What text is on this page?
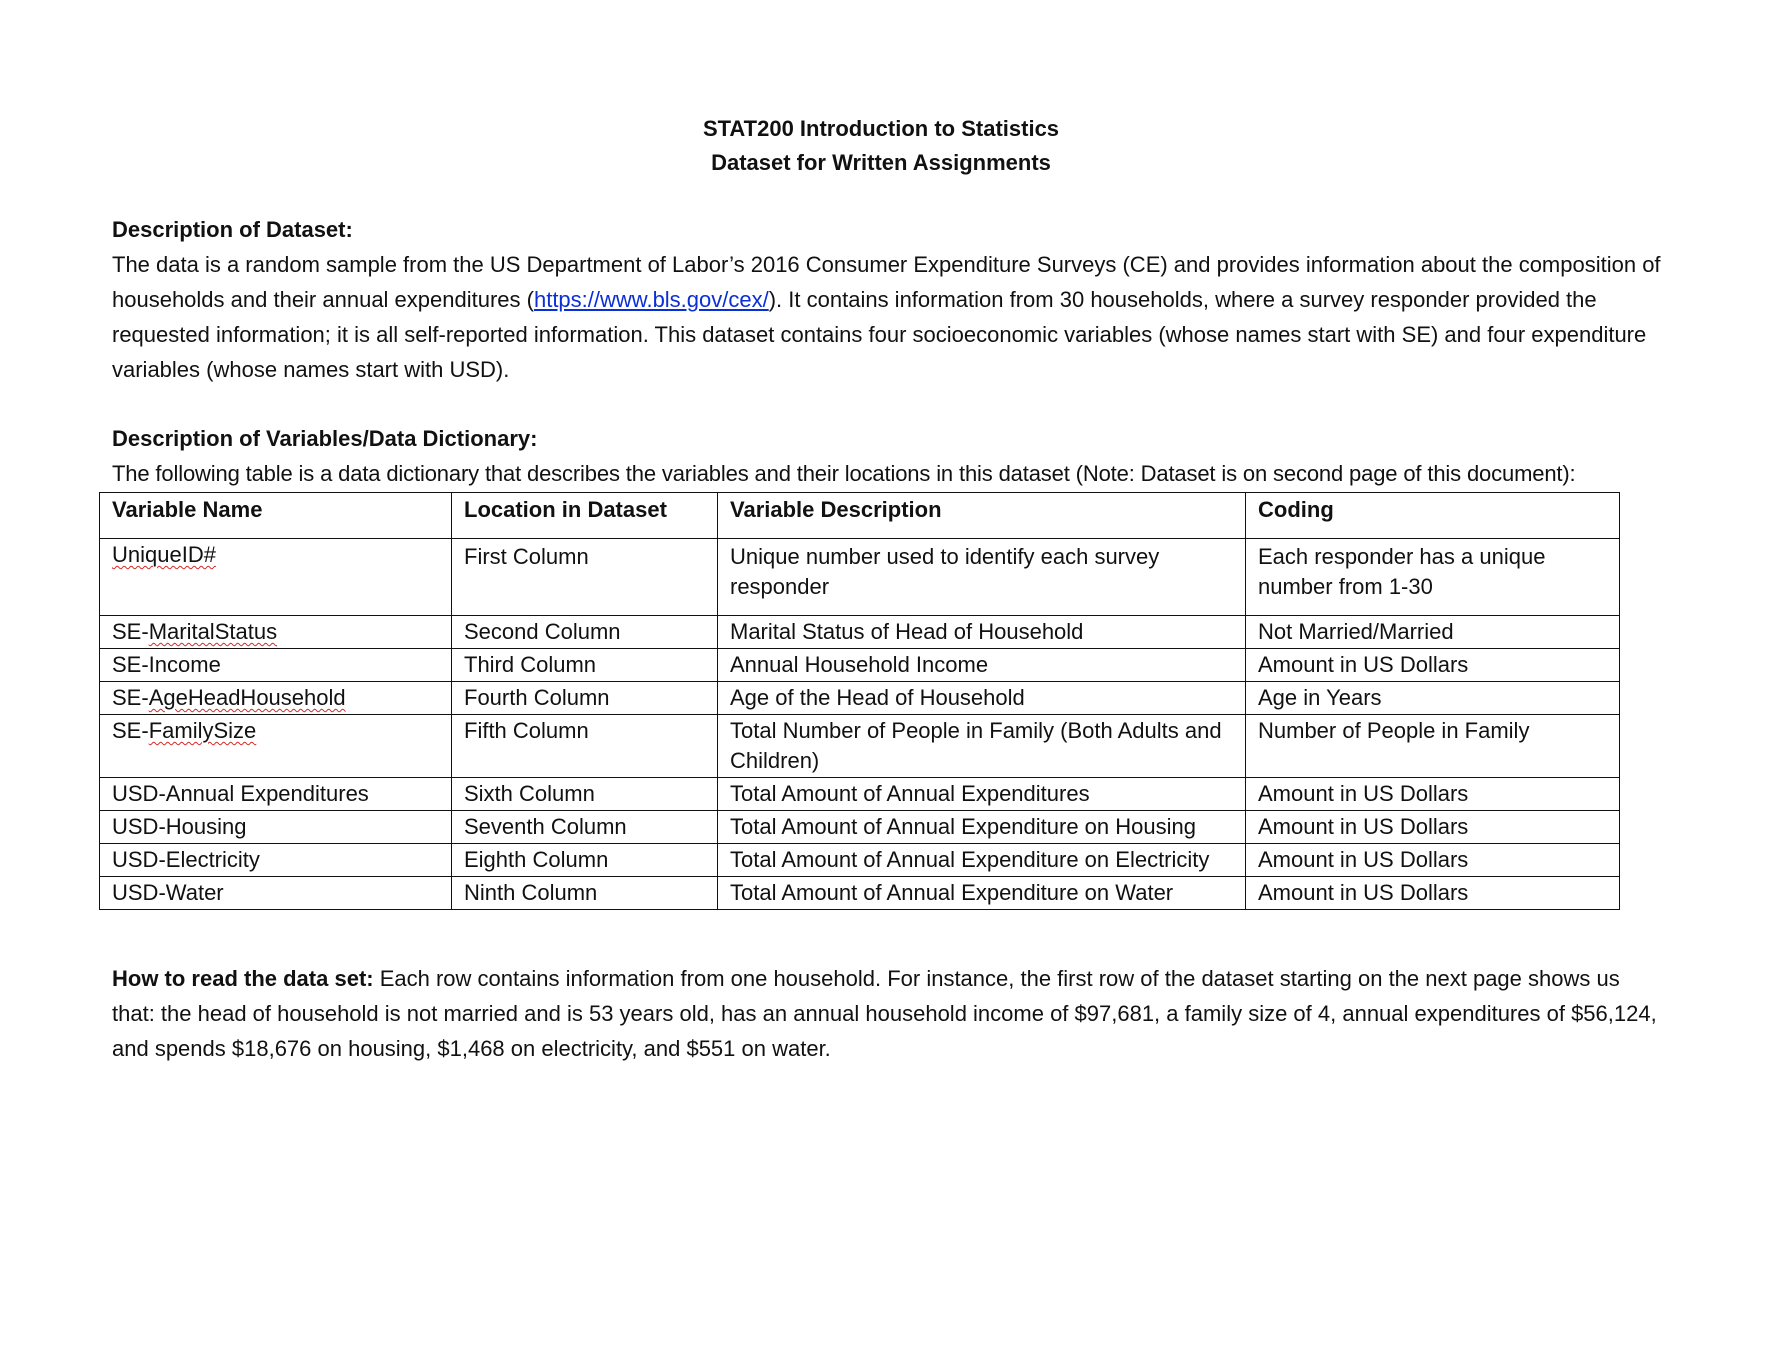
STAT200 Introduction to Statistics
Dataset for Written Assignments
Description of Dataset:

The data is a random sample from the US Department of Labor’s 2016 Consumer Expenditure Surveys (CE) and provides information about the composition of households and their annual expenditures (https://www.bls.gov/cex/). It contains information from 30 households, where a survey responder provided the requested information; it is all self-reported information. This dataset contains four socioeconomic variables (whose names start with SE) and four expenditure variables (whose names start with USD).

Description of Variables/Data Dictionary:
The following table is a data dictionary that describes the variables and their locations in this dataset (Note: Dataset is on second page of this document):
Variable Name	Location in Dataset	Variable Description	Coding
UniqueID#	First Column	Unique number used to identify each survey responder	Each responder has a unique number from 1-30
SE-MaritalStatus	Second Column	Marital Status of Head of Household	Not Married/Married
SE-Income	Third Column	Annual Household Income	Amount in US Dollars
SE-AgeHeadHousehold	Fourth Column	Age of the Head of Household	Age in Years
SE-FamilySize	Fifth Column	Total Number of People in Family (Both Adults and Children)	Number of People in Family
USD-Annual Expenditures	Sixth Column	Total Amount of Annual Expenditures	Amount in US Dollars
USD-Housing	Seventh Column	Total Amount of Annual Expenditure on Housing	Amount in US Dollars
USD-Electricity	Eighth Column	Total Amount of Annual Expenditure on Electricity	Amount in US Dollars
USD-Water	Ninth Column	Total Amount of Annual Expenditure on Water	Amount in US Dollars

How to read the data set: Each row contains information from one household. For instance, the first row of the dataset starting on the next page shows us that: the head of household is not married and is 53 years old, has an annual household income of $97,681, a family size of 4, annual expenditures of $56,124, and spends $18,676 on housing, $1,468 on electricity, and $551 on water.
